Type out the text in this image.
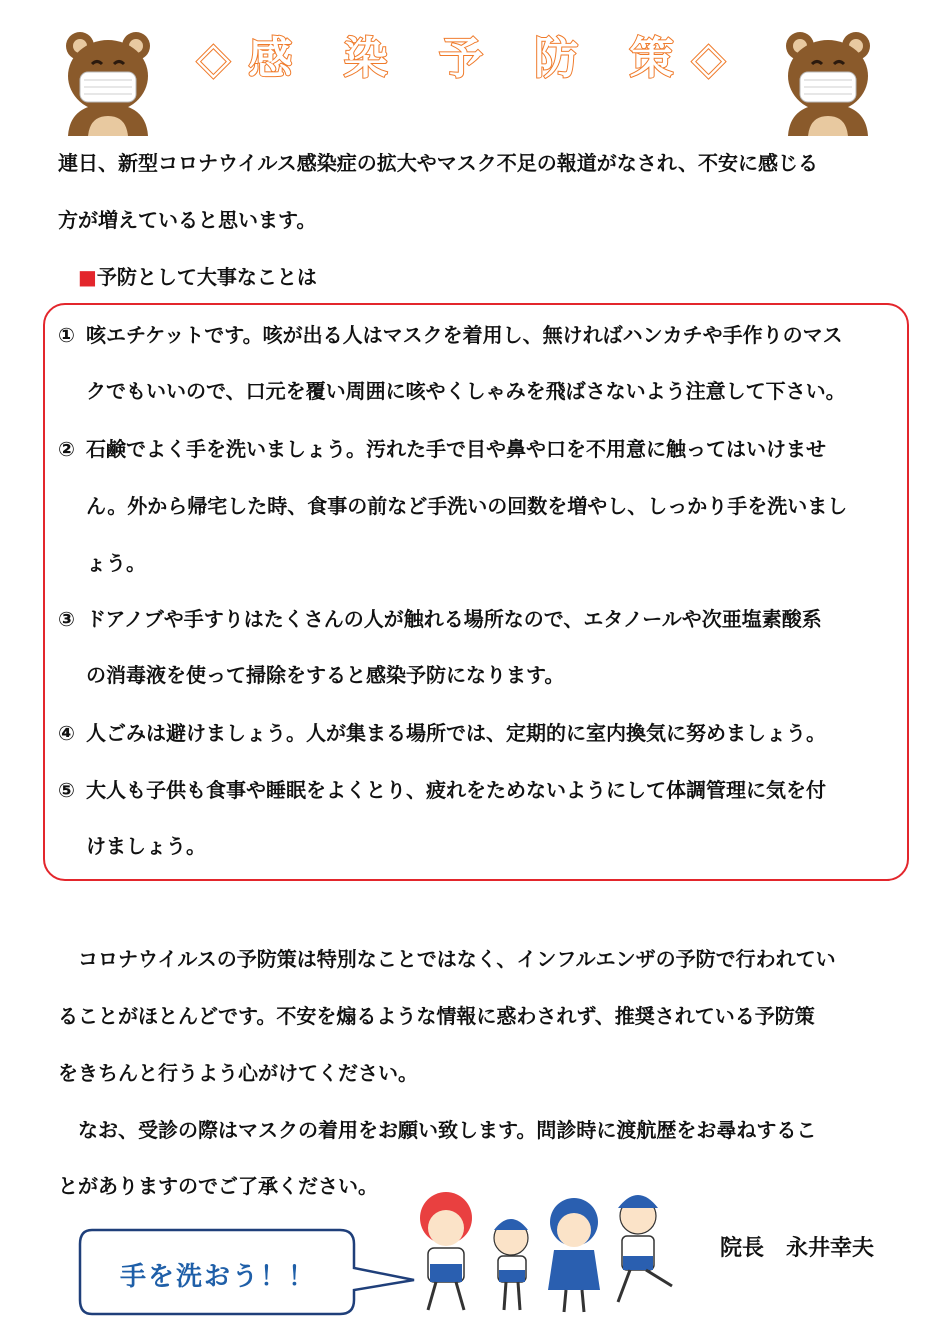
◇感 染 予 防 策◇
連日、新型コロナウイルス感染症の拡大やマスク不足の報道がなされ、不安に感じる
方が増えていると思います。
■予防として大事なことは
① 咳エチケットです。咳が出る人はマスクを着用し、無ければハンカチや手作りのマス
クでもいいので、口元を覆い周囲に咳やくしゃみを飛ばさないよう注意して下さい。
② 石鹸でよく手を洗いましょう。汚れた手で目や鼻や口を不用意に触ってはいけませ
ん。外から帰宅した時、食事の前など手洗いの回数を増やし、しっかり手を洗いまし
ょう。
③ ドアノブや手すりはたくさんの人が触れる場所なので、エタノールや次亜塩素酸系
の消毒液を使って掃除をすると感染予防になります。
④ 人ごみは避けましょう。人が集まる場所では、定期的に室内換気に努めましょう。
⑤ 大人も子供も食事や睡眠をよくとり、疲れをためないようにして体調管理に気を付
けましょう。
　コロナウイルスの予防策は特別なことではなく、インフルエンザの予防で行われてい
ることがほとんどです。不安を煽るような情報に惑わされず、推奨されている予防策
をきちんと行うよう心がけてください。
　なお、受診の際はマスクの着用をお願い致します。問診時に渡航歴をお尋ねするこ
とがありますのでご了承ください。
手を洗おう！！
院長　永井幸夫
